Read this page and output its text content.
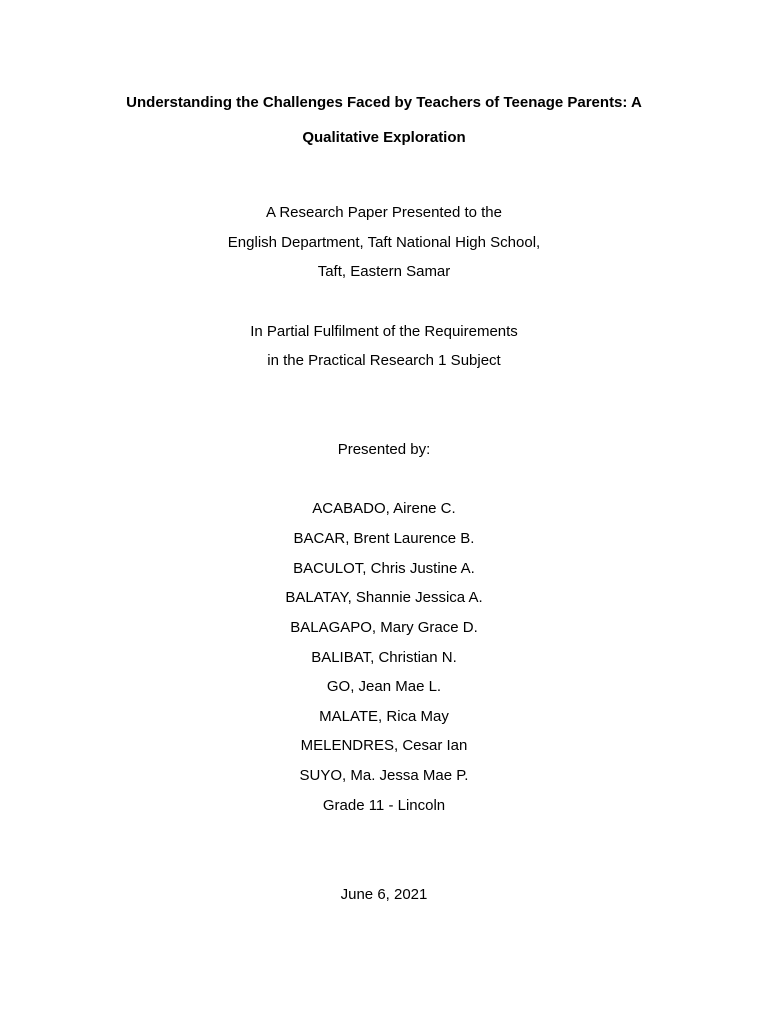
Understanding the Challenges Faced by Teachers of Teenage Parents: A
Qualitative Exploration
A Research Paper Presented to the
English Department, Taft National High School,
Taft, Eastern Samar
In Partial Fulfilment of the Requirements
in the Practical Research 1 Subject
Presented by:
ACABADO, Airene C.
BACAR, Brent Laurence B.
BACULOT, Chris Justine A.
BALATAY, Shannie Jessica A.
BALAGAPO, Mary Grace D.
BALIBAT, Christian N.
GO, Jean Mae L.
MALATE, Rica May
MELENDRES, Cesar Ian
SUYO, Ma. Jessa Mae P.
Grade 11 - Lincoln
June 6, 2021
